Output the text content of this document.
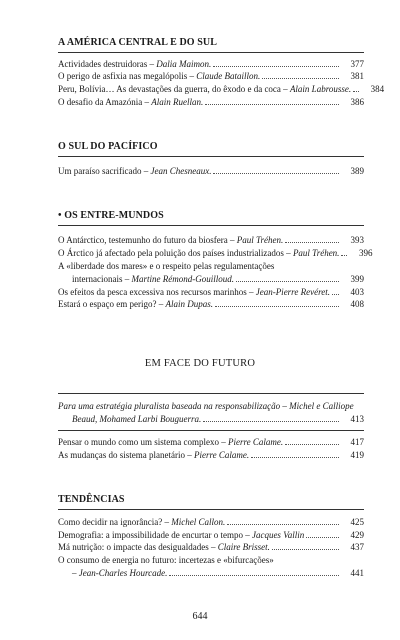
A AMÉRICA CENTRAL E DO SUL
Actividades destruidoras – Dalia Maimon.	377
O perigo de asfixia nas megalópolis – Claude Bataillon.	381
Peru, Bolívia… As devastações da guerra, do êxodo e da coca – Alain Labrousse.	384
O desafio da Amazónia – Alain Ruellan.	386
O SUL DO PACÍFICO
Um paraíso sacrificado – Jean Chesneaux.	389
• OS ENTRE-MUNDOS
O Antárctico, testemunho do futuro da biosfera – Paul Tréhen.	393
O Árctico já afectado pela poluição dos países industrializados – Paul Tréhen.	396
A «liberdade dos mares» e o respeito pelas regulamentações
internacionais – Martine Rémond-Gouilloud.	399
Os efeitos da pesca excessiva nos recursos marinhos – Jean-Pierre Revéret.	403
Estará o espaço em perigo? – Alain Dupas.	408
EM FACE DO FUTURO
Para uma estratégia pluralista baseada na responsabilização – Michel e Calliope
Beaud, Mohamed Larbi Bouguerra.	413
Pensar o mundo como um sistema complexo – Pierre Calame.	417
As mudanças do sistema planetário – Pierre Calame.	419
TENDÊNCIAS
Como decidir na ignorância? – Michel Callon.	425
Demografia: a impossibilidade de encurtar o tempo – Jacques Vallin	429
Má nutrição: o impacte das desigualdades – Claire Brisset.	437
O consumo de energia no futuro: incertezas e «bifurcações»
– Jean-Charles Hourcade.	441
644
